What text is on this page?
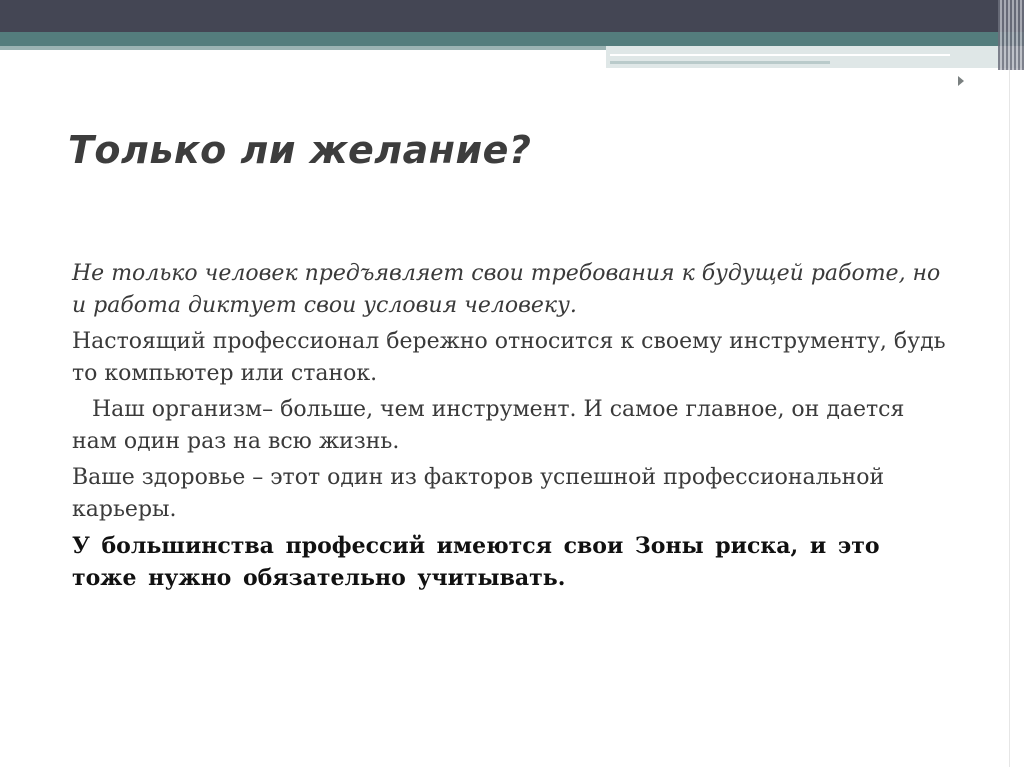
Только ли желание?

Не только человек предъявляет свои требования к будущей работе, но и работа диктует свои условия человеку.

Настоящий профессионал бережно относится к своему инструменту, будь то компьютер или станок.

Наш организм– больше, чем инструмент. И самое главное, он дается нам один раз на всю жизнь.

Ваше здоровье – этот один из факторов успешной профессиональной карьеры.

У большинства профессий имеются свои Зоны риска, и это тоже нужно обязательно учитывать.
